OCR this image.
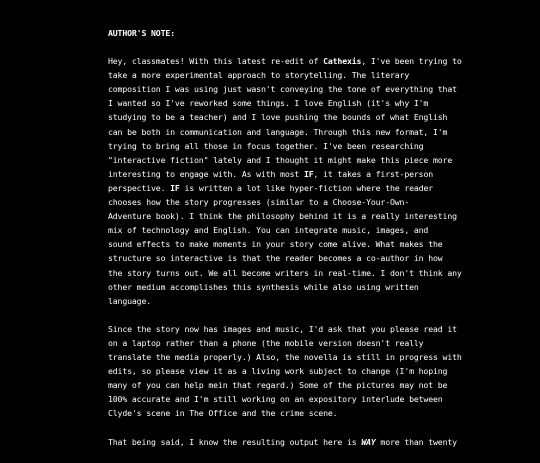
AUTHOR'S NOTE:
Hey, classmates! With this latest re-edit of Cathexis, I've been trying to
take a more experimental approach to storytelling. The literary
composition I was using just wasn't conveying the tone of everything that
I wanted so I've reworked some things. I love English (it's why I'm
studying to be a teacher) and I love pushing the bounds of what English
can be both in communication and language. Through this new format, I'm
trying to bring all those in focus together. I've been researching
"interactive fiction" lately and I thought it might make this piece more
interesting to engage with. As with most IF, it takes a first-person
perspective. IF is written a lot like hyper-fiction where the reader
chooses how the story progresses (similar to a Choose-Your-Own-
Adventure book). I think the philosophy behind it is a really interesting
mix of technology and English. You can integrate music, images, and
sound effects to make moments in your story come alive. What makes the
structure so interactive is that the reader becomes a co-author in how
the story turns out. We all become writers in real-time. I don't think any
other medium accomplishes this synthesis while also using written
language.
Since the story now has images and music, I'd ask that you please read it
on a laptop rather than a phone (the mobile version doesn't really
translate the media properly.) Also, the novella is still in progress with
edits, so please view it as a living work subject to change (I'm hoping
many of you can help mein that regard.) Some of the pictures may not be
100% accurate and I'm still working on an expository interlude between
Clyde's scene in The Office and the crime scene.
That being said, I know the resulting output here is WAY more than twenty
